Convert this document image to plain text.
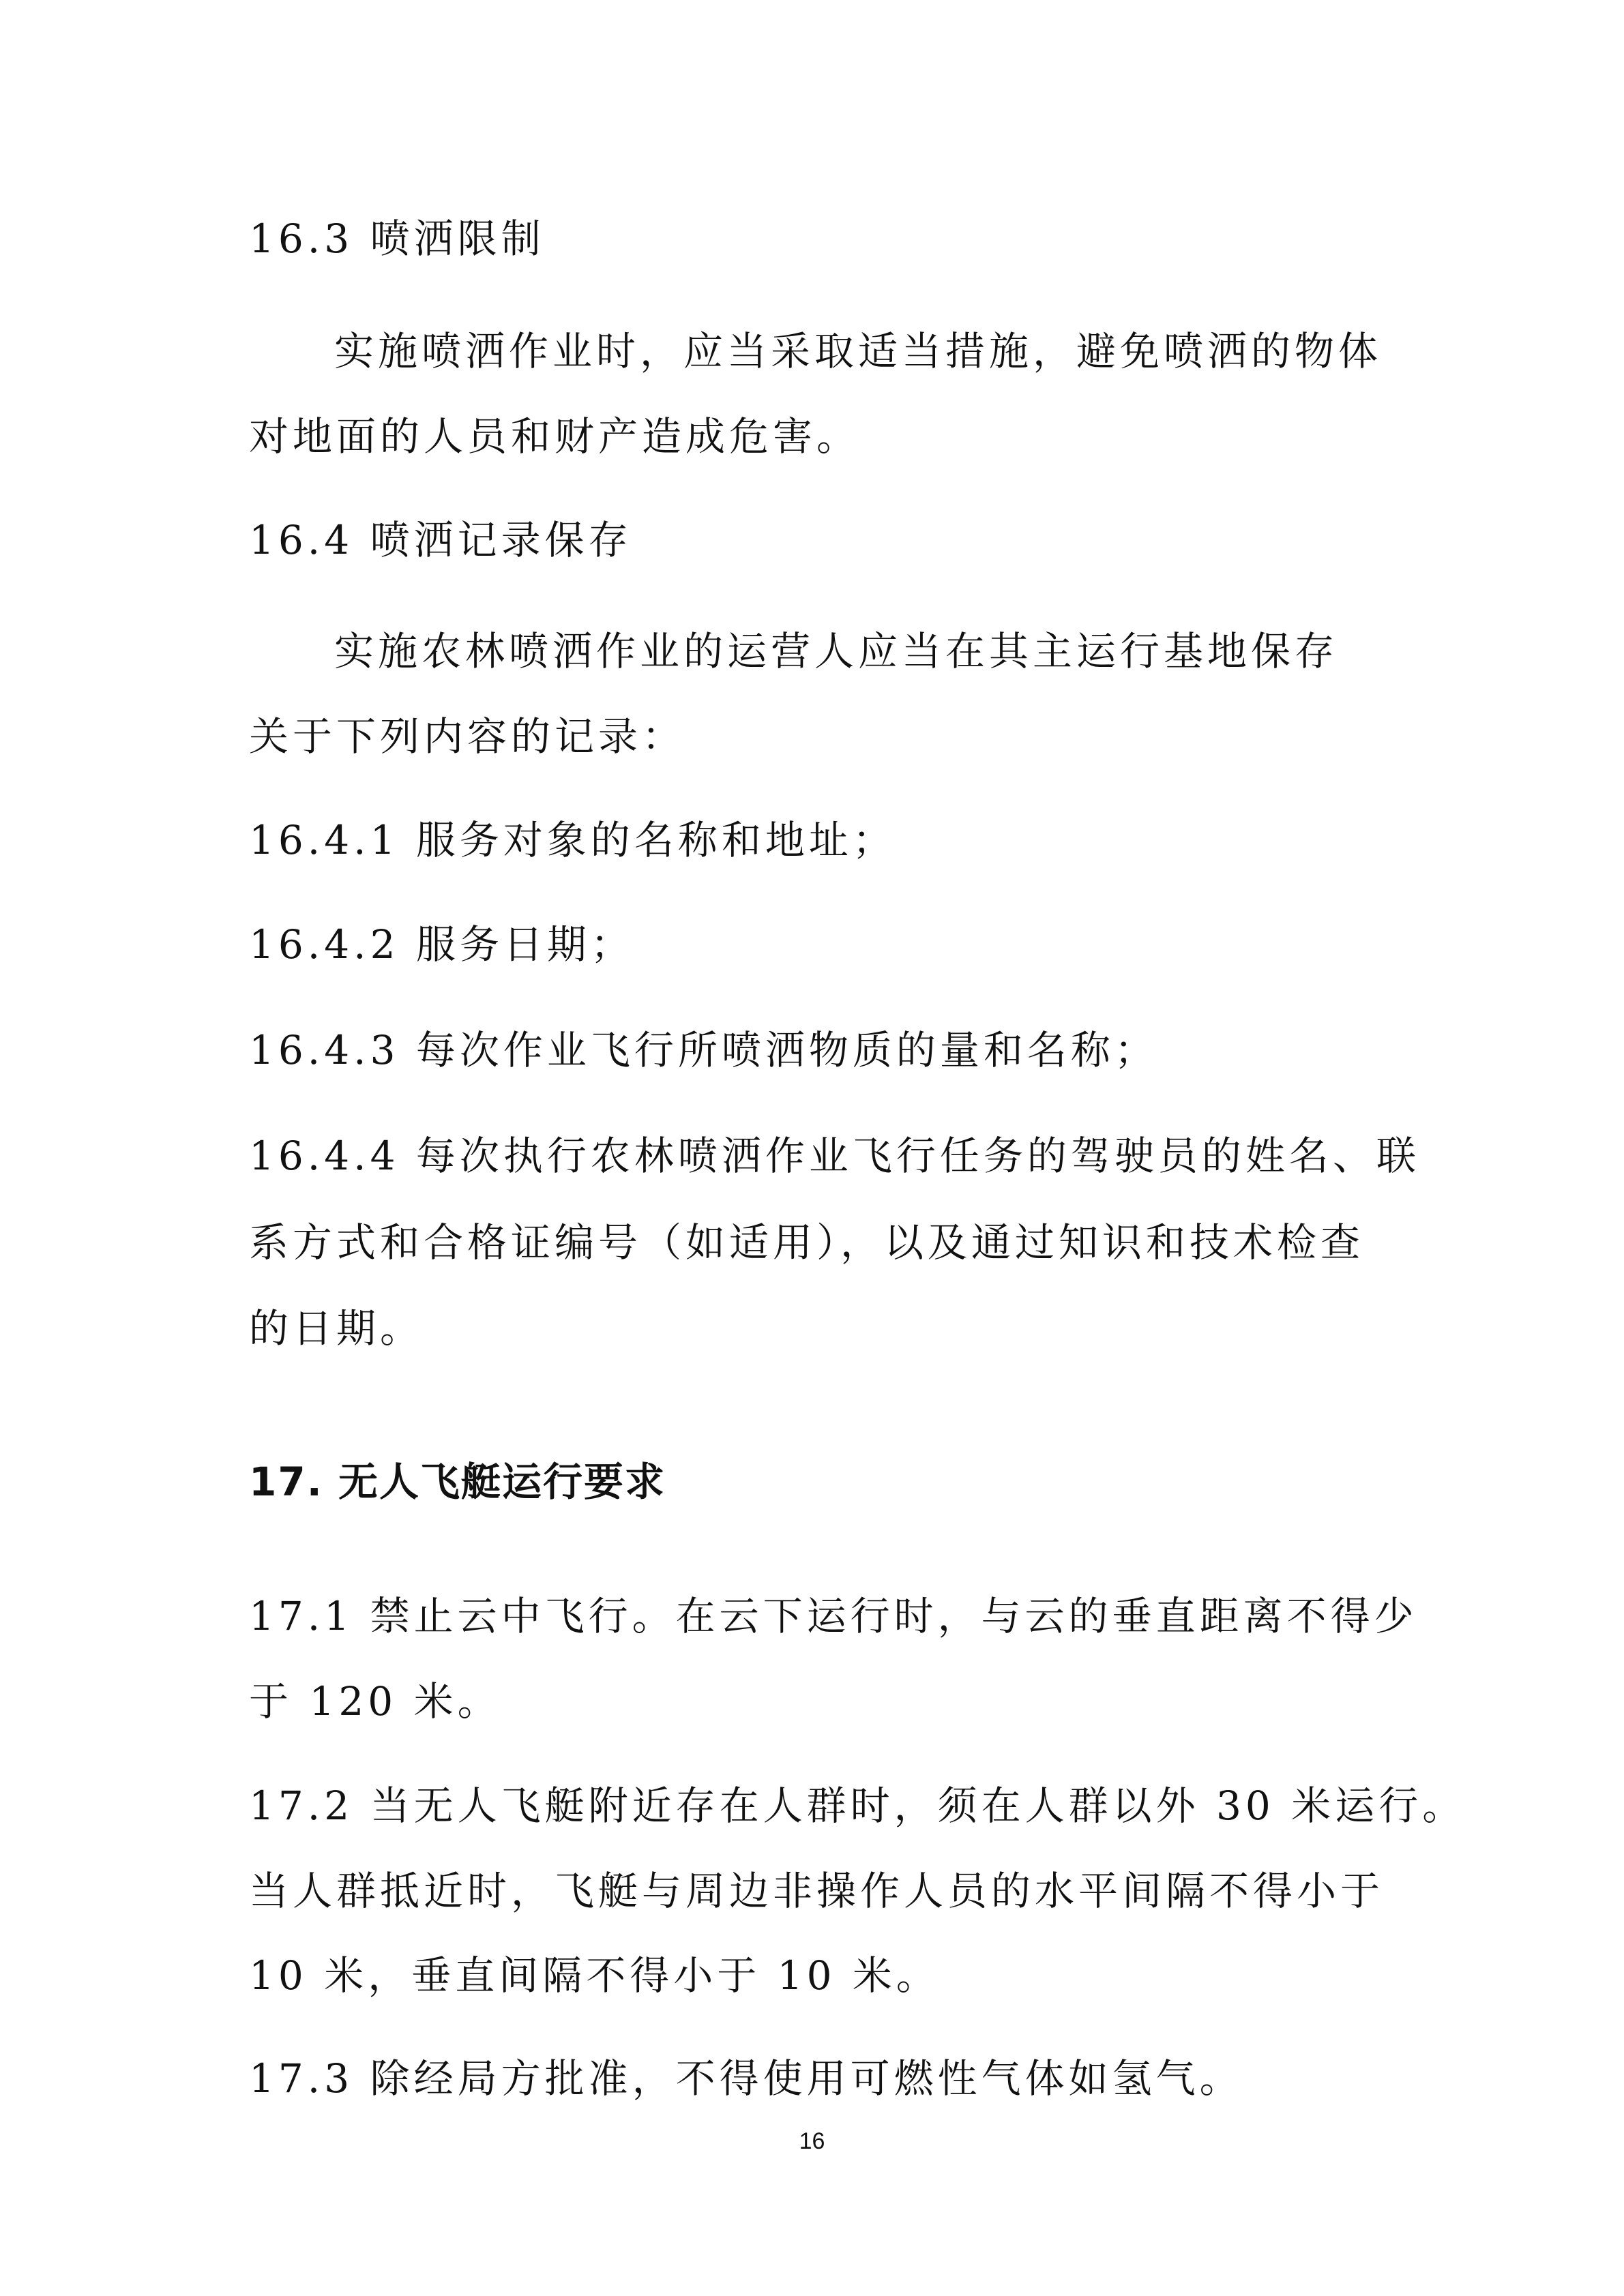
16.3 喷洒限制
实施喷洒作业时，应当采取适当措施，避免喷洒的物体
对地面的人员和财产造成危害。
16.4 喷洒记录保存
实施农林喷洒作业的运营人应当在其主运行基地保存
关于下列内容的记录：
16.4.1 服务对象的名称和地址；
16.4.2 服务日期；
16.4.3 每次作业飞行所喷洒物质的量和名称；
16.4.4 每次执行农林喷洒作业飞行任务的驾驶员的姓名、联
系方式和合格证编号（如适用），以及通过知识和技术检查
的日期。
17. 无人飞艇运行要求
17.1 禁止云中飞行。在云下运行时，与云的垂直距离不得少
于 120 米。
17.2 当无人飞艇附近存在人群时，须在人群以外 30 米运行。
当人群抵近时，飞艇与周边非操作人员的水平间隔不得小于
10 米，垂直间隔不得小于 10 米。
17.3 除经局方批准，不得使用可燃性气体如氢气。
16
